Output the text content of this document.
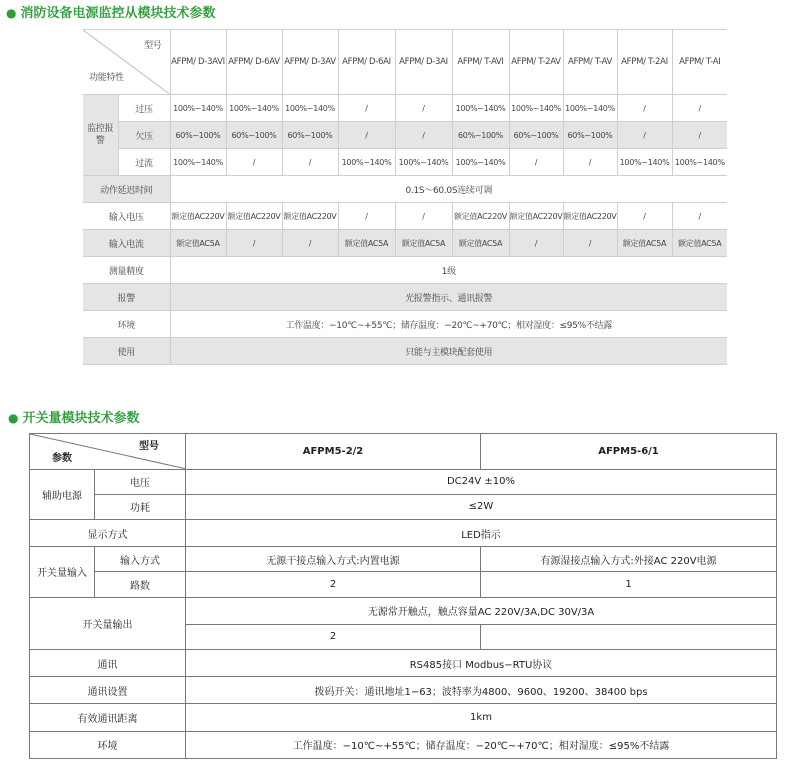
● 消防设备电源监控从模块技术参数
型号
功能特性		AFPM/ D-3AVI	AFPM/ D-6AV	AFPM/ D-3AV	AFPM/ D-6AI	AFPM/ D-3AI	AFPM/ T-AVI	AFPM/ T-2AV	AFPM/ T-AV	AFPM/ T-2AI	AFPM/ T-AI
监控报警	过压	100%~140%	100%~140%	100%~140%	/	/	100%~140%	100%~140%	100%~140%	/	/
	欠压	60%~100%	60%~100%	60%~100%	/	/	60%~100%	60%~100%	60%~100%	/	/
	过流	100%~140%	/	/	100%~140%	100%~140%	100%~140%	/	/	100%~140%	100%~140%
动作延迟时间		0.1S～60.0S连续可调									
输入电压		额定值AC220V	额定值AC220V	额定值AC220V	/	/	额定值AC220V	额定值AC220V	额定值AC220V	/	/
输入电流		额定值AC5A	/	/	额定值AC5A	额定值AC5A	额定值AC5A	/	/	额定值AC5A	额定值AC5A
测量精度		1级									
报警		光报警指示、通讯报警									
环境		工作温度：−10℃~+55℃；储存温度：−20℃~+70℃；相对湿度：≤95%不结露									
使用		只能与主模块配套使用									
● 开关量模块技术参数
型号
参数		AFPM5-2/2	AFPM5-6/1
辅助电源	电压	DC24V ±10%	
	功耗	≤2W	
显示方式		LED指示	
开关量输入	输入方式	无源干接点输入方式:内置电源	有源湿接点输入方式:外接AC 220V电源
	路数	2	1
开关量输出		无源常开触点，触点容量AC 220V/3A,DC 30V/3A	
		2	
通讯		RS485接口 Modbus−RTU协议	
通讯设置		拨码开关：通讯地址1−63；波特率为4800、9600、19200、38400 bps	
有效通讯距离		1km	
环境		工作温度：−10℃~+55℃；储存温度：−20℃~+70℃；相对湿度：≤95%不结露	
